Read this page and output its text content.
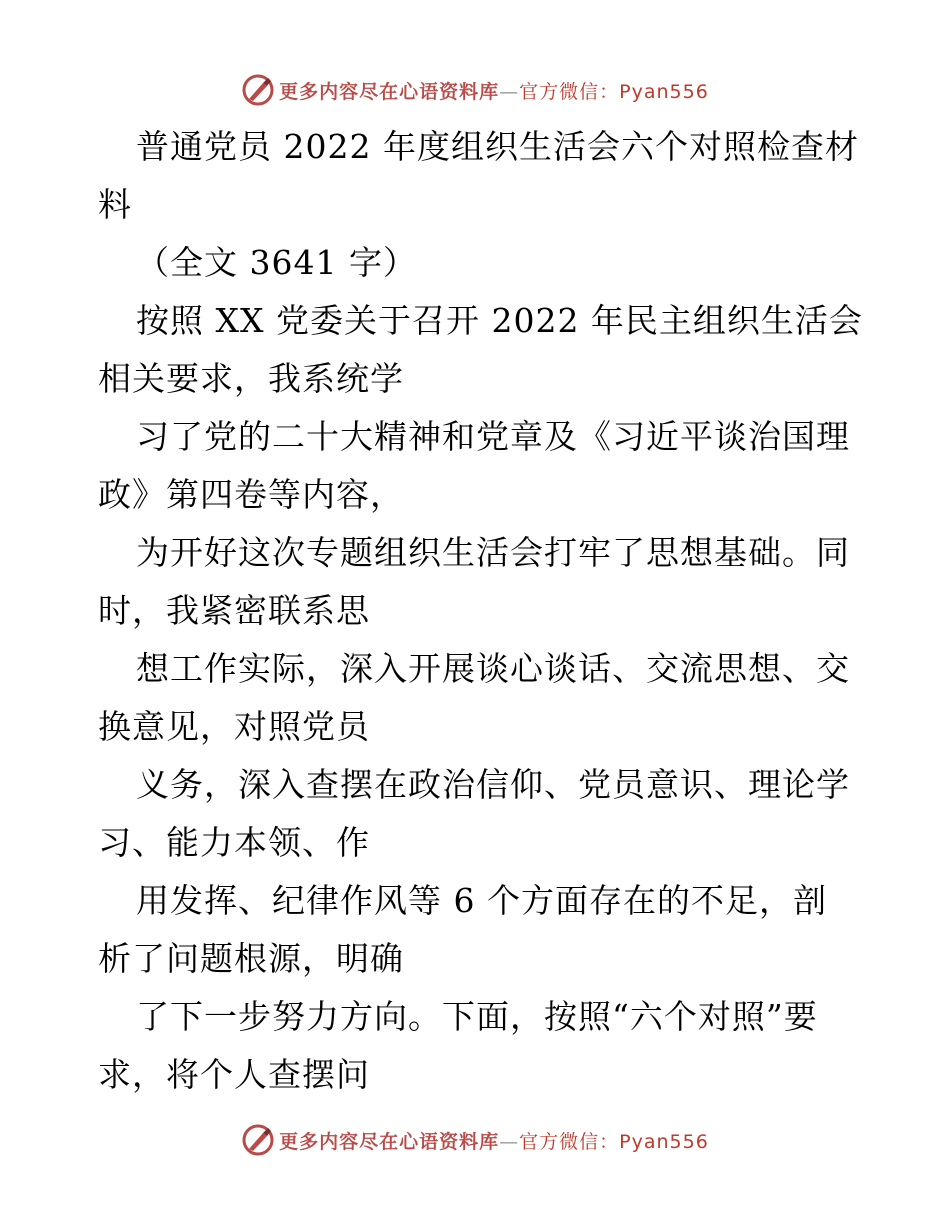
更多内容尽在心语资料库—官方微信：Pyan556
普通党员 2022 年度组织生活会六个对照检查材
料
（全文 3641 字）
按照 XX 党委关于召开 2022 年民主组织生活会
相关要求，我系统学
习了党的二十大精神和党章及《习近平谈治国理
政》第四卷等内容，
为开好这次专题组织生活会打牢了思想基础。同
时，我紧密联系思
想工作实际，深入开展谈心谈话、交流思想、交
换意见，对照党员
义务，深入查摆在政治信仰、党员意识、理论学
习、能力本领、作
用发挥、纪律作风等 6 个方面存在的不足，剖
析了问题根源，明确
了下一步努力方向。下面，按照“六个对照”要
求，将个人查摆问
更多内容尽在心语资料库—官方微信：Pyan556
